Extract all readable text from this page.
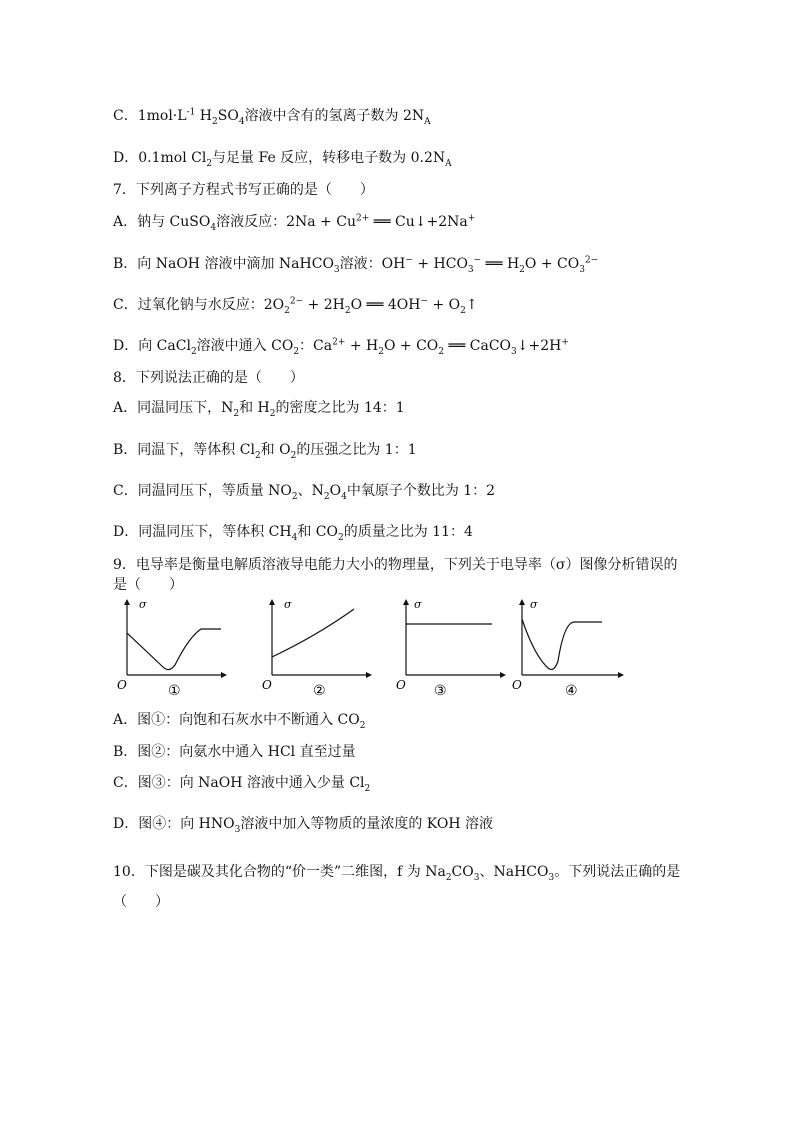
C．$1mol\cdot L^{-1}$ $H_2SO_4$溶液中含有的氢离子数为 $2N_A$
D．0.1mol $Cl_2$与足量 Fe 反应，转移电子数为 $0.2N_A$
7．下列离子方程式书写正确的是（　　）
A．钠与 CuSO$_4$溶液反应：$2Na + Cu^{2+}$ ══ Cu↓+2Na+
B．向 NaOH 溶液中滴加 NaHCO$_3$溶液：$OH^- + HCO_3^-$ ══ $H_2O + CO_3^{2-}$
C．过氧化钠与水反应：$2O_2^{2-} + 2H_2O$ ══ $4OH^- + O_2↑$
D．向 CaCl$_2$溶液中通入 $CO_2$：$Ca^{2+} + H_2O + CO_2$ ══ CaCO$_3$↓+2H+
8．下列说法正确的是（　　）
A．同温同压下，$N_2$和 $H_2$的密度之比为 14：1
B．同温下，等体积 $Cl_2$和 $O_2$的压强之比为 1：1
C．同温同压下，等质量 $NO_2$、$N_2O_4$中氧原子个数比为 1：2
D．同温同压下，等体积 $CH_4$和 $CO_2$的质量之比为 11：4
9．电导率是衡量电解质溶液导电能力大小的物理量，下列关于电导率（σ）图像分析错误的是（　　）
σ
O	①
σ
O	②
σ
O ③
σ
O	④
A．图①：向饱和石灰水中不断通入 $CO_2$
B．图②：向氨水中通入 HCl 直至过量
C．图③：向 NaOH 溶液中通入少量 $Cl_2$
D．图④：向 $HNO_3$溶液中加入等物质的量浓度的 KOH 溶液
10．下图是碳及其化合物的“价一类”二维图，f 为 $Na_2CO_3$、NaHCO$_3$。下列说法正确的是（　　）
